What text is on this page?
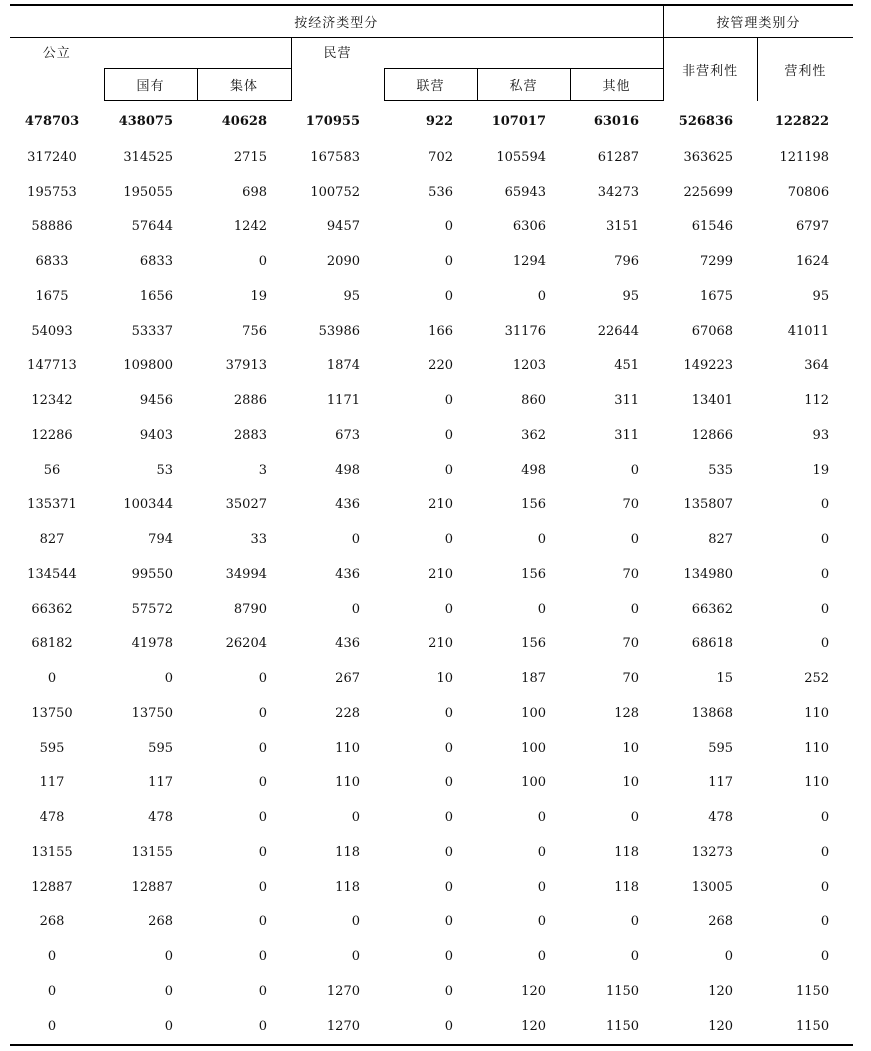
按经济类型分							按管理类别分	
公立			民营				非营利性	营利性
	国有	集体		联营	私营	其他		
478703	438075	40628	170955	922	107017	63016	526836	122822
317240	314525	2715	167583	702	105594	61287	363625	121198
195753	195055	698	100752	536	65943	34273	225699	70806
58886	57644	1242	9457	0	6306	3151	61546	6797
6833	6833	0	2090	0	1294	796	7299	1624
1675	1656	19	95	0	0	95	1675	95
54093	53337	756	53986	166	31176	22644	67068	41011
147713	109800	37913	1874	220	1203	451	149223	364
12342	9456	2886	1171	0	860	311	13401	112
12286	9403	2883	673	0	362	311	12866	93
56	53	3	498	0	498	0	535	19
135371	100344	35027	436	210	156	70	135807	0
827	794	33	0	0	0	0	827	0
134544	99550	34994	436	210	156	70	134980	0
66362	57572	8790	0	0	0	0	66362	0
68182	41978	26204	436	210	156	70	68618	0
0	0	0	267	10	187	70	15	252
13750	13750	0	228	0	100	128	13868	110
595	595	0	110	0	100	10	595	110
117	117	0	110	0	100	10	117	110
478	478	0	0	0	0	0	478	0
13155	13155	0	118	0	0	118	13273	0
12887	12887	0	118	0	0	118	13005	0
268	268	0	0	0	0	0	268	0
0	0	0	0	0	0	0	0	0
0	0	0	1270	0	120	1150	120	1150
0	0	0	1270	0	120	1150	120	1150
